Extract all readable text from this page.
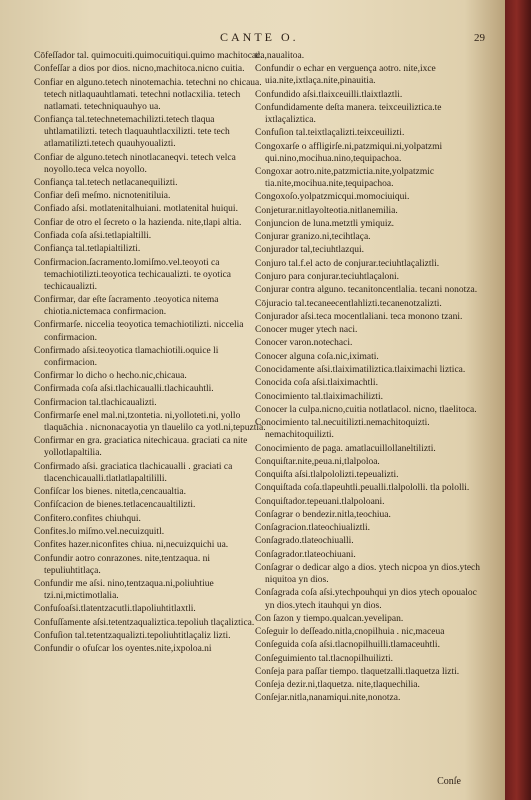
CANTE O.	29
Cōfeſſador tal. quimocuiti.quimocuitiqui.quimo machitocac.
Confeſſar a dios por dios. nicno,machitoca.nicno cuitia.
Confiar en alguno.tetech ninotemachia. tetechni no chicaua. tetech nitlaquauhtlamati. tetechni notlacxilia. tetech natlamati. tetechniquauhyo ua.
Confiança tal.tetechnetemachilizti.tetech tlaqua uhtlamatilizti. tetech tlaquauhtlacxilizti. tete tech atlamatilizti.tetech quauhyoualizti.
Confiar de alguno.tetech ninotlacaneqvi. tetech velca noyollo.teca velca noyollo.
Confiança tal.tetech netlacanequilizti.
Confiar deſi meſmo. nicnotenitiluia.
Confiado aſsi. motlatenitalhuiani. motlatenital huiqui.
Confiar de otro el ſecreto o la hazienda. nite,tlapi altia.
Confiada coſa aſsi.tetlapialtilli.
Confiança tal.tetlapialtilizti.
Confirmacion.ſacramento.lomiſmo.vel.teoyoti ca temachiotilizti.teoyotica techicaualizti. te oyotica techicaualizti.
Confirmar, dar eſte ſacramento .teoyotica nitema chiotia.nictemaca confirmacion.
Confirmarſe. niccelia teoyotica temachiotilizti. niccelia confirmacion.
Confirmado aſsi.teoyotica tlamachiotili.oquice li confirmacion.
Confirmar lo dicho o hecho.nic,chicaua.
Confirmada coſa aſsi.tlachicaualli.tlachicauhtli.
Confirmacion tal.tlachicaualizti.
Confirmarſe enel mal.ni,tzontetia. ni,yolloteti.ni, yollo tlaquāchia . nicnonacayotia yn tlauelilo ca yotl.ni,tepuztia.
Confirmar en gra. graciatica nitechicaua. graciati ca nite yollotlapaltilia.
Confirmado aſsi. graciatica tlachicaualli . graciati ca tlacenchicaualli.tlatlatlapaltililli.
Confiſcar los bienes. nitetla,cencaualtia.
Confiſcacion de bienes.tetlacencaualtilizti.
Confitero.confites chiuhqui.
Confites.lo miſmo.vel.necuizquitl.
Confites hazer.niconfites chiua. ni,necuizquichi ua.
Confundir aotro conrazones. nite,tentzaqua. ni tepuliuhtitlaça.
Confundir me aſsi. nino,tentzaqua.ni,poliuhtiue tzi.ni,mictimotlalia.
Confuſoaſsi.tlatentzacutli.tlapoliuhtitlaxtli.
Confuſſamente aſsi.tetentzaqualiztica.tepoliuh tlaçaliztica.
Confuſion tal.tetentzaqualizti.tepoliuhtitlaçaliz lizti.
Confundir o ofuſcar los oyentes.nite,ixpoloa.ni
tla,naualitoa.
Confundir o echar en verguença aotro. nite,ixce uia.nite,ixtlaça.nite,pinauitia.
Confundido aſsi.tlaixceuilli.tlaixtlaztli.
Confundidamente deſta manera. teixceuiliztica.te ixtlaçaliztica.
Confuſion tal.teixtlaçalizti.teixceuilizti.
Congoxarſe o affligirſe.ni,patzmiqui.ni,yolpatzmi qui.nino,mocihua.nino,tequipachoa.
Congoxar aotro.nite,patzmictia.nite,yolpatzmic tia.nite,mocihua.nite,tequipachoa.
Congoxoſo.yolpatzmicqui.momociuiqui.
Conjeturar.nitlayolteotia.nitlanemilia.
Conjuncion de luna.metztli ymiquiz.
Conjurar granizo.ni,tecihtlaça.
Conjurador tal,teciuhtlazqui.
Conjuro tal.f.el acto de conjurar.teciuhtlaçaliztli.
Conjuro para conjurar.teciuhtlaçaloni.
Conjurar contra alguno. tecanitoncentlalia. tecani nonotza.
Cōjuracio tal.tecaneecentlahlizti.tecanenotzalizti.
Conjurador aſsi.teca mocentlaliani. teca monono tzani.
Conocer muger ytech naci.
Conocer varon.notechaci.
Conocer alguna coſa.nic,iximati.
Conocidamente aſsi.tlaiximatiliztica.tlaiximachi liztica.
Conocida coſa aſsi.tlaiximachtli.
Conocimiento tal.tlaiximachilizti.
Conocer la culpa.nicno,cuitia notlatlacol. nicno, tlaelitoca.
Conocimiento tal.necuitilizti.nemachitoquizti. nemachitoquilizti.
Conocimiento de paga. amatlacuillollaneltilizti.
Conquiſtar.nite,peua.ni,tlalpoloa.
Conquiſta aſsi.tlalpololizti.tepeualizti.
Conquiſtada coſa.tlapeuhtli.peualli.tlalpololli. tla pololli.
Conquiſtador.tepeuani.tlalpoloani.
Conſagrar o bendezir.nitla,teochiua.
Conſagracion.tlateochiualiztli.
Conſagrado.tlateochiualli.
Conſagrador.tlateochiuani.
Conſagrar o dedicar algo a dios. ytech nicpoa yn dios.ytech niquitoa yn dios.
Conſagrada coſa aſsi.ytechpouhqui yn dios ytech opoualoc yn dios.ytech itauhqui yn dios.
Con ſazon y tiempo.qualcan.yevelipan.
Coſeguir lo deſſeado.nitla,cnopilhuia . nic,maceua
Conſeguida coſa aſsi.tlacnopilhuilli.tlamaceuhtli.
Conſeguimiento tal.tlacnopilhuilizti.
Conſeja para paſſar tiempo. tlaquetzalli.tlaquetza lizti.
Conſeja dezir.ni,tlaquetza. nite,tlaquechilia.
Conſejar.nitla,nanamiqui.nite,nonotza.
Conſe
